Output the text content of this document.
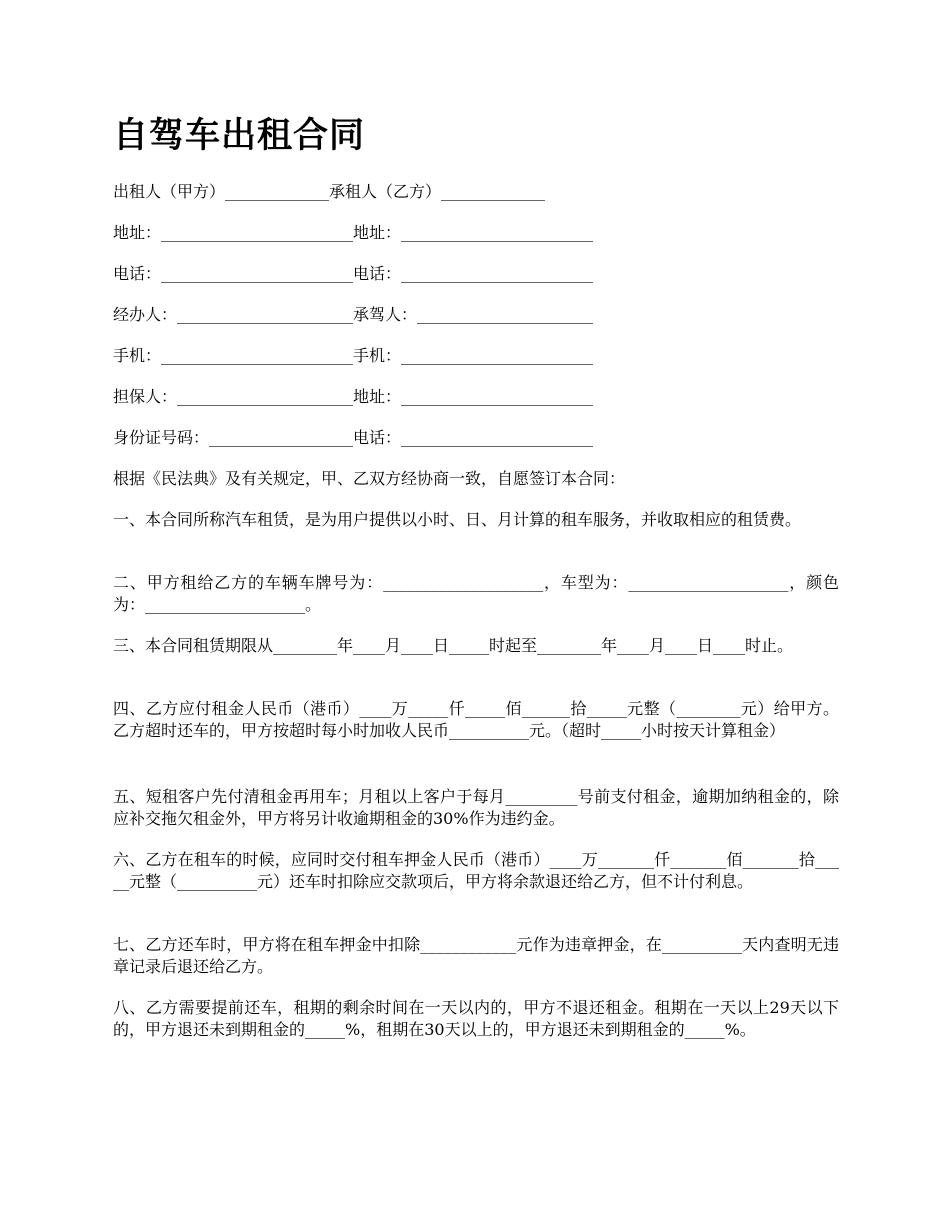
自驾车出租合同
出租人（甲方）_____________承租人（乙方）_____________
地址：________________________地址：________________________
电话：________________________电话：________________________
经办人：______________________承驾人：______________________
手机：________________________手机：________________________
担保人：______________________地址：________________________
身份证号码：__________________电话：________________________
根据《民法典》及有关规定，甲、乙双方经协商一致，自愿签订本合同：
一、本合同所称汽车租赁，是为用户提供以小时、日、月计算的租车服务，并收取相应的租赁费。
二、甲方租给乙方的车辆车牌号为：____________________，车型为：____________________，颜色为：____________________。
三、本合同租赁期限从________年____月____日_____时起至________年____月____日____时止。
四、乙方应付租金人民币（港币）____万_____仟_____佰______拾_____元整（________元）给甲方。乙方超时还车的，甲方按超时每小时加收人民币__________元。（超时_____小时按天计算租金）
五、短租客户先付清租金再用车；月租以上客户于每月_________号前支付租金，逾期加纳租金的，除应补交拖欠租金外，甲方将另计收逾期租金的30%作为违约金。
六、乙方在租车的时候，应同时交付租车押金人民币（港币）____万_______仟_______佰_______拾_____元整（__________元）还车时扣除应交款项后，甲方将余款退还给乙方，但不计付利息。
七、乙方还车时，甲方将在租车押金中扣除____________元作为违章押金，在__________天内查明无违章记录后退还给乙方。
八、乙方需要提前还车，租期的剩余时间在一天以内的，甲方不退还租金。租期在一天以上29天以下的，甲方退还未到期租金的_____%，租期在30天以上的，甲方退还未到期租金的_____%。
